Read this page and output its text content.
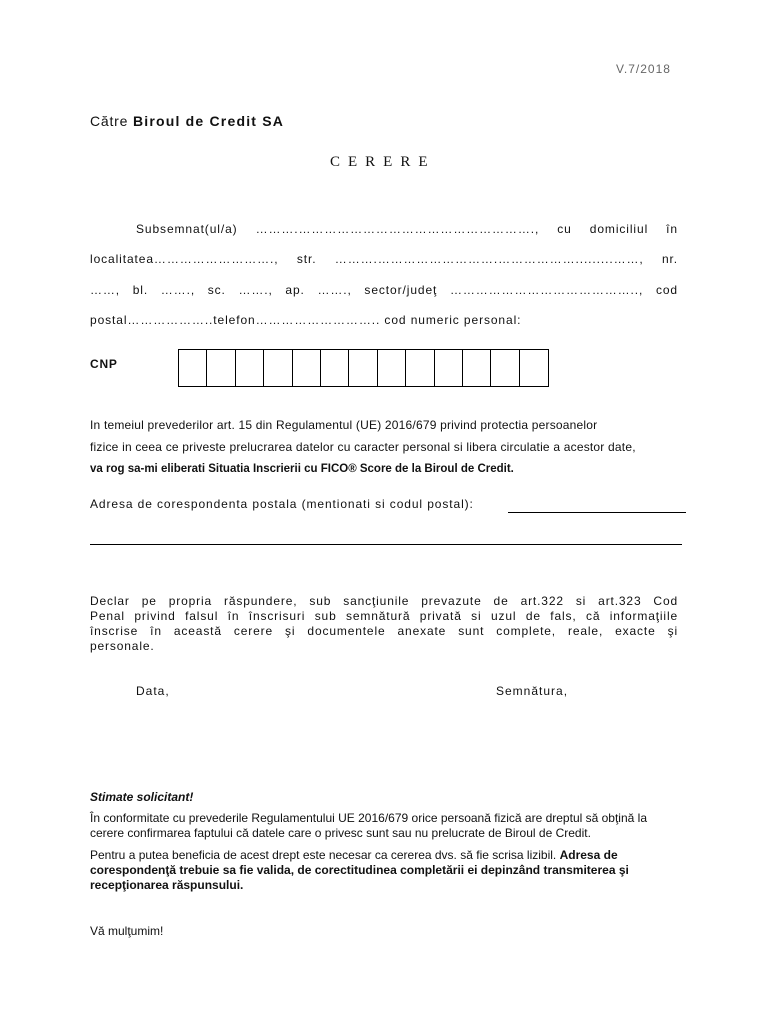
V.7/2018
Către Biroul de Credit SA
CERERE
Subsemnat(ul/a) ……….………………………………………………., cu domiciliul în
localitatea………………………., str. ……….……………………….……………….........……, nr.
……, bl. ……., sc. ……., ap. ……., sector/judeţ …………………………………….., cod
postal………………..telefon……………………….. cod numeric personal:
CNP
In temeiul prevederilor art. 15 din Regulamentul (UE) 2016/679 privind protectia persoanelor
fizice in ceea ce priveste prelucrarea datelor cu caracter personal si libera circulatie a acestor date,
va rog sa-mi eliberati Situatia Inscrierii cu FICO® Score de la Biroul de Credit.
Adresa de corespondenta postala (mentionati si codul postal):
Declar pe propria răspundere, sub sancţiunile prevazute de art.322 si art.323 Cod
Penal privind falsul în înscrisuri sub semnătură privată si uzul de fals, că informaţiile
înscrise în această cerere şi documentele anexate sunt complete, reale, exacte şi
personale.
Data,	Semnătura,
Stimate solicitant!
În conformitate cu prevederile Regulamentului UE 2016/679 orice persoană fizică are dreptul să obţină la
cerere confirmarea faptului că datele care o privesc sunt sau nu prelucrate de Biroul de Credit.
Pentru a putea beneficia de acest drept este necesar ca cererea dvs. să fie scrisa lizibil. Adresa de
corespondenţă trebuie sa fie valida, de corectitudinea completării ei depinzând transmiterea şi
recepţionarea răspunsului.
Vă mulţumim!
